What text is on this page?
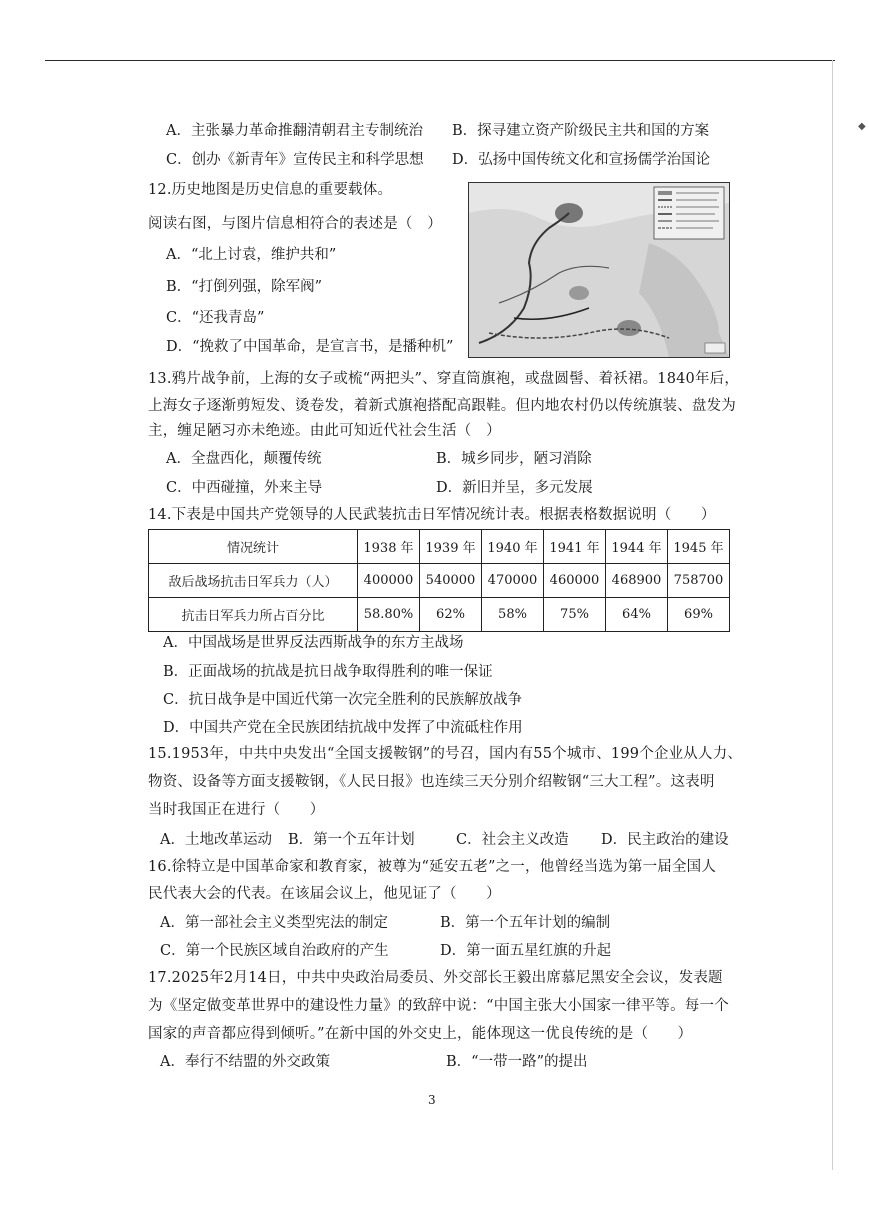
◆
A．主张暴力革命推翻清朝君主专制统治 B．探寻建立资产阶级民主共和国的方案
C．创办《新青年》宣传民主和科学思想 D．弘扬中国传统文化和宣扬儒学治国论
12.历史地图是历史信息的重要载体。
阅读右图，与图片信息相符合的表述是（　）
A．“北上讨袁，维护共和”
B．“打倒列强，除军阀”
C．“还我青岛”
D．“挽救了中国革命，是宣言书，是播种机”
13.鸦片战争前，上海的女子或梳“两把头”、穿直筒旗袍，或盘圆髻、着袄裙。1840年后，
上海女子逐渐剪短发、烫卷发，着新式旗袍搭配高跟鞋。但内地农村仍以传统旗装、盘发为
主，缠足陋习亦未绝迹。由此可知近代社会生活（　）
A．全盘西化，颠覆传统	B．城乡同步，陋习消除
C．中西碰撞，外来主导	D．新旧并呈，多元发展
14.下表是中国共产党领导的人民武装抗击日军情况统计表。根据表格数据说明（　　）
情况统计	1938 年	1939 年	1940 年	1941 年	1944 年	1945 年
敌后战场抗击日军兵力（人）	400000	540000	470000	460000	468900	758700
抗击日军兵力所占百分比	58.80%	62%	58%	75%	64%	69%
A．中国战场是世界反法西斯战争的东方主战场
B．正面战场的抗战是抗日战争取得胜利的唯一保证
C．抗日战争是中国近代第一次完全胜利的民族解放战争
D．中国共产党在全民族团结抗战中发挥了中流砥柱作用
15.1953年，中共中央发出“全国支援鞍钢”的号召，国内有55个城市、199个企业从人力、
物资、设备等方面支援鞍钢，《人民日报》也连续三天分别介绍鞍钢“三大工程”。这表明
当时我国正在进行（　　）
A．土地改革运动 B．第一个五年计划	C．社会主义改造 D．民主政治的建设
16.徐特立是中国革命家和教育家，被尊为“延安五老”之一，他曾经当选为第一届全国人
民代表大会的代表。在该届会议上，他见证了（　　）
A．第一部社会主义类型宪法的制定	B．第一个五年计划的编制
C．第一个民族区域自治政府的产生	D．第一面五星红旗的升起
17.2025年2月14日，中共中央政治局委员、外交部长王毅出席慕尼黑安全会议，发表题
为《坚定做变革世界中的建设性力量》的致辞中说：“中国主张大小国家一律平等。每一个
国家的声音都应得到倾听。”在新中国的外交史上，能体现这一优良传统的是（　　）
A．奉行不结盟的外交政策	B．“一带一路”的提出
3
